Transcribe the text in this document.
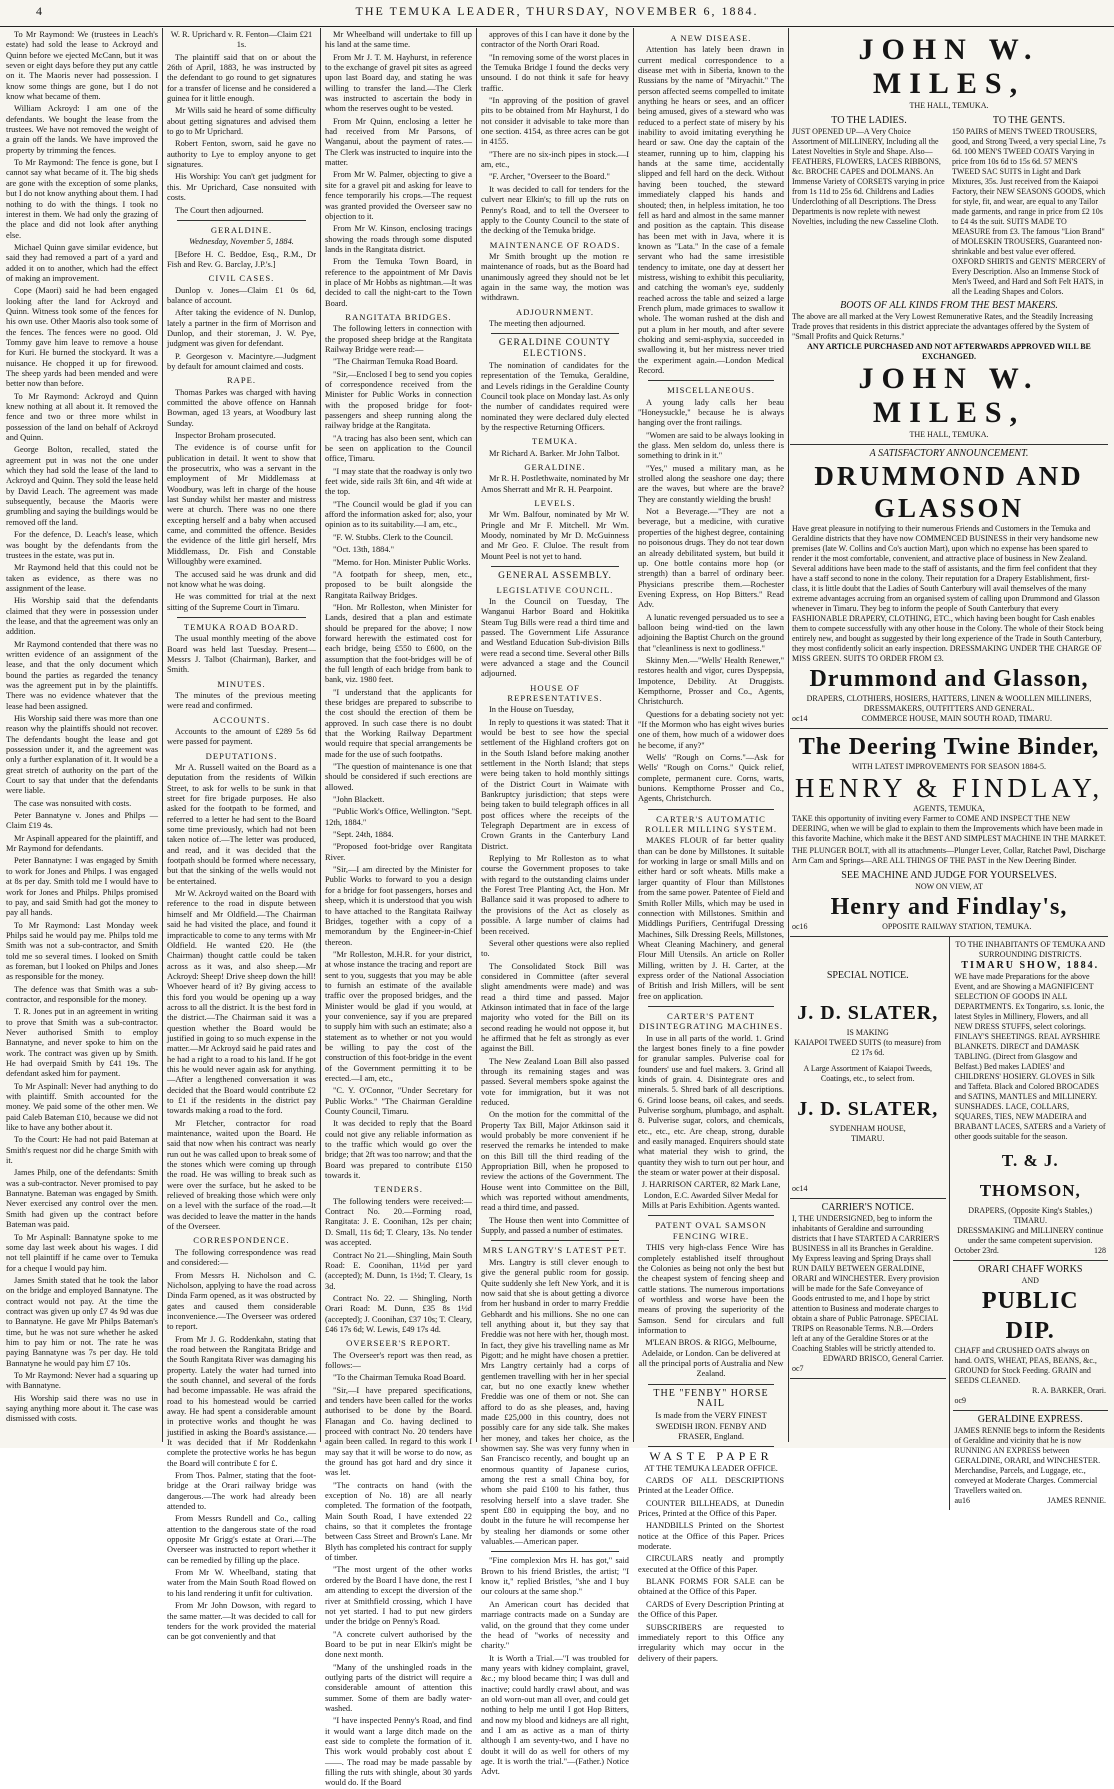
4	THE TEMUKA LEADER, THURSDAY, NOVEMBER 6, 1884.

To Mr Raymond: We (trustees in Leach's estate) had sold the lease to Ackroyd and Quinn before we ejected McCann, but it was seven or eight days before they put any cattle on it. The Maoris never had possession. I know some things are gone, but I do not know what became of them.

William Ackroyd: I am one of the defendants. We bought the lease from the trustees. We have not removed the weight of a grain off the lands. We have improved the property by trimming the fences.

To Mr Raymond: The fence is gone, but I cannot say what became of it. The big sheds are gone with the exception of some planks, but I do not know anything about them. I had nothing to do with the things. I took no interest in them. We had only the grazing of the place and did not look after anything else.

Michael Quinn gave similar evidence, but said they had removed a part of a yard and added it on to another, which had the effect of making an improvement.

Cope (Maori) said he had been engaged looking after the land for Ackroyd and Quinn. Witness took some of the fences for his own use. Other Maoris also took some of the fences. The fences were no good. Old Tommy gave him leave to remove a house for Kuri. He burned the stockyard. It was a nuisance. He chopped it up for firewood. The sheep yards had been mended and were better now than before.

To Mr Raymond: Ackroyd and Quinn knew nothing at all about it. It removed the fence and two or three more whilst in possession of the land on behalf of Ackroyd and Quinn.

George Bolton, recalled, stated the agreement put in was not the one under which they had sold the lease of the land to Ackroyd and Quinn. They sold the lease held by David Leach. The agreement was made subsequently, because the Maoris were grumbling and saying the buildings would be removed off the land.

For the defence, D. Leach's lease, which was bought by the defendants from the trustees in the estate, was put in.

Mr Raymond held that this could not be taken as evidence, as there was no assignment of the lease.

His Worship said that the defendants claimed that they were in possession under the lease, and that the agreement was only an addition.

Mr Raymond contended that there was no written evidence of an assignment of the lease, and that the only document which bound the parties as regarded the tenancy was the agreement put in by the plaintiffs. There was no evidence whatever that the lease had been assigned.

His Worship said there was more than one reason why the plaintiffs should not recover. The defendants bought the lease and got possession under it, and the agreement was only a further explanation of it. It would be a great stretch of authority on the part of the Court to say that under that the defendants were liable.

The case was nonsuited with costs.

Peter Bannatyne v. Jones and Philps —Claim £19 4s.

Mr Aspinall appeared for the plaintiff, and Mr Raymond for defendants.

Peter Bannatyne: I was engaged by Smith to work for Jones and Philps. I was engaged at 8s per day. Smith told me I would have to work for Jones and Philps. Philps promised to pay, and said Smith had got the money to pay all hands.

To Mr Raymond: Last Monday week Philps said he would pay me. Philps told me Smith was not a sub-contractor, and Smith told me so several times. I looked on Smith as foreman, but I looked on Philps and Jones as responsible for the money.

The defence was that Smith was a sub-contractor, and responsible for the money.

T. R. Jones put in an agreement in writing to prove that Smith was a sub-contractor. Never authorised Smith to employ Bannatyne, and never spoke to him on the work. The contract was given up by Smith. He had overpaid Smith by £41 19s. The defendant asked him for payment.

To Mr Aspinall: Never had anything to do with plaintiff. Smith accounted for the money. We paid some of the other men. We paid Caleb Bateman £10, because we did not like to have any bother about it.

To the Court: He had not paid Bateman at Smith's request nor did he charge Smith with it.

James Philp, one of the defendants: Smith was a sub-contractor. Never promised to pay Bannatyne. Bateman was engaged by Smith. Never exercised any control over the men. Smith had given up the contract before Bateman was paid.

To Mr Aspinall: Bannatyne spoke to me some day last week about his wages. I did not tell plaintiff if he came over to Temuka for a cheque I would pay him.

James Smith stated that he took the labor on the bridge and employed Bannatyne. The contract would not pay. At the time the contract was given up only £7 4s 9d was due to Bannatyne. He gave Mr Philps Bateman's time, but he was not sure whether he asked him to pay him or not. The rate he was paying Bannatyne was 7s per day. He told Bannatyne he would pay him £7 10s.

To Mr Raymond: Never had a squaring up with Bannatyne.

His Worship said there was no use in saying anything more about it. The case was dismissed with costs.

W. R. Uprichard v. R. Fenton—Claim £21 1s.

The plaintiff said that on or about the 26th of April, 1883, he was instructed by the defendant to go round to get signatures for a transfer of license and he considered a guinea for it little enough.

Mr Wills said he heard of some difficulty about getting signatures and advised them to go to Mr Uprichard.

Robert Fenton, sworn, said he gave no authority to Lye to employ anyone to get signatures.

His Worship: You can't get judgment for this. Mr Uprichard, Case nonsuited with costs.

The Court then adjourned.

GERALDINE.

Wednesday, November 5, 1884.

[Before H. C. Beddoe, Esq., R.M., Dr Fish and Rev. G. Barclay, J.P.'s.]

CIVIL CASES.

Dunlop v. Jones—Claim £1 0s 6d, balance of account.

After taking the evidence of N. Dunlop, lately a partner in the firm of Morrison and Dunlop, and their storeman, J. W. Pye, judgment was given for defendant.

P. Georgeson v. Macintyre.—Judgment by default for amount claimed and costs.

RAPE.

Thomas Parkes was charged with having committed the above offence on Hannah Bowman, aged 13 years, at Woodbury last Sunday.

Inspector Broham prosecuted.

The evidence is of course unfit for publication in detail. It went to show that the prosecutrix, who was a servant in the employment of Mr Middlemass at Woodbury, was left in charge of the house last Sunday whilst her master and mistress were at church. There was no one there excepting herself and a baby when accused came, and committed the offence. Besides the evidence of the little girl herself, Mrs Middlemass, Dr. Fish and Constable Willoughby were examined.

The accused said he was drunk and did not know what he was doing.

He was committed for trial at the next sitting of the Supreme Court in Timaru.

TEMUKA ROAD BOARD.

The usual monthly meeting of the above Board was held last Tuesday. Present—Messrs J. Talbot (Chairman), Barker, and Smith.

MINUTES.

The minutes of the previous meeting were read and confirmed.

ACCOUNTS.

Accounts to the amount of £289 5s 6d were passed for payment.

DEPUTATIONS.

Mr A. Russell waited on the Board as a deputation from the residents of Wilkin Street, to ask for wells to be sunk in that street for fire brigade purposes. He also asked for the footpath to be formed, and referred to a letter he had sent to the Board some time previously, which had not been taken notice of.—The letter was produced, and read, and it was decided that the footpath should be formed where necessary, but that the sinking of the wells would not be entertained.

Mr W. Ackroyd waited on the Board with reference to the road in dispute between himself and Mr Oldfield.—The Chairman said he had visited the place, and found it impracticable to come to any terms with Mr Oldfield. He wanted £20. He (the Chairman) thought cattle could be taken across as it was, and also sheep.—Mr Ackroyd: Sheep! Drive sheep down the hill! Whoever heard of it? By giving access to this ford you would be opening up a way across to all the district. It is the best ford in the district.—The Chairman said it was a question whether the Board would be justified in going to so much expense in the matter.—Mr Ackroyd said he paid rates and he had a right to a road to his land. If he got this he would never again ask for anything.—After a lengthened conversation it was decided that the Board would contribute £2 to £1 if the residents in the district pay towards making a road to the ford.

Mr Fletcher, contractor for road maintenance, waited upon the Board. He said that now when his contract was nearly run out he was called upon to break some of the stones which were coming up through the road. He was willing to break such as were over the surface, but he asked to be relieved of breaking those which were only on a level with the surface of the road.—It was decided to leave the matter in the hands of the Overseer.

CORRESPONDENCE.

The following correspondence was read and considered:—

From Messrs H. Nicholson and C. Nicholson, applying to have the road across Dinda Farm opened, as it was obstructed by gates and caused them considerable inconvenience.—The Overseer was ordered to report.

From Mr J. G. Roddenkahn, stating that the road between the Rangitata Bridge and the South Rangitata River was damaging his property. Lately the water had turned into the south channel, and several of the fords had become impassable. He was afraid the road to his homestead would be carried away. He had spent a considerable amount in protective works and thought he was justified in asking the Board's assistance.—It was decided that if Mr Roddenkahn complete the protective works he has begun the Board will contribute £ for £.

From Thos. Palmer, stating that the foot-bridge at the Orari railway bridge was dangerous.—The work had already been attended to.

From Messrs Rundell and Co., calling attention to the dangerous state of the road opposite Mr Grigg's estate at Orari.—The Overseer was instructed to report whether it can be remedied by filling up the place.

From Mr W. Wheelband, stating that water from the Main South Road flowed on to his land rendering it unfit for cultivation.

From Mr John Dowson, with regard to the same matter.—It was decided to call for tenders for the work provided the material can be got conveniently and that

Mr Wheelband will undertake to fill up his land at the same time.

From Mr J. T. M. Hayhurst, in reference to the exchange of gravel pit sites as agreed upon last Board day, and stating he was willing to transfer the land.—The Clerk was instructed to ascertain the body in whom the reserves ought to be vested.

From Mr Quinn, enclosing a letter he had received from Mr Parsons, of Wanganui, about the payment of rates.—The Clerk was instructed to inquire into the matter.

From Mr W. Palmer, objecting to give a site for a gravel pit and asking for leave to fence temporarily his crops.—The request was granted provided the Overseer saw no objection to it.

From Mr W. Kinson, enclosing tracings showing the roads through some disputed lands in the Rangitata district.

From the Temuka Town Board, in reference to the appointment of Mr Davis in place of Mr Hobbs as nightman.—It was decided to call the night-cart to the Town Board.

RANGITATA BRIDGES.

The following letters in connection with the proposed sheep bridge at the Rangitata Railway Bridge were read:—

"The Chairman Temuka Road Board.

"Sir,—Enclosed I beg to send you copies of correspondence received from the Minister for Public Works in connection with the proposed bridge for foot-passengers and sheep running along the railway bridge at the Rangitata.

"A tracing has also been sent, which can be seen on application to the Council office, Timaru.

"I may state that the roadway is only two feet wide, side rails 3ft 6in, and 4ft wide at the top.

"The Council would be glad if you can afford the information asked for; also, your opinion as to its suitability.—I am, etc.,

"F. W. Stubbs. Clerk to the Council.

"Oct. 13th, 1884."

"Memo. for Hon. Minister Public Works.

"A footpath for sheep, men, etc., proposed to be built alongside the Rangitata Railway Bridges.

"Hon. Mr Rolleston, when Minister for Lands, desired that a plan and estimate should be prepared for the above; I now forward herewith the estimated cost for each bridge, being £550 to £600, on the assumption that the foot-bridges will be of the full length of each bridge from bank to bank, viz. 1980 feet.

"I understand that the applicants for these bridges are prepared to subscribe to the cost should the erection of them be approved. In such case there is no doubt that the Working Railway Department would require that special arrangements be made for the use of such footpaths.

"The question of maintenance is one that should be considered if such erections are allowed.

"John Blackett.

"Public Work's Office, Wellington. "Sept. 12th, 1884."

"Sept. 24th, 1884.

"Proposed foot-bridge over Rangitata River.

"Sir,—I am directed by the Minister for Public Works to forward to you a design for a bridge for foot passengers, horses and sheep, which it is understood that you wish to have attached to the Rangitata Railway Bridges, together with a copy of a memorandum by the Engineer-in-Chief thereon.

"Mr Rolleston, M.H.R. for your district, at whose instance the tracing and report are sent to you, suggests that you may be able to furnish an estimate of the available traffic over the proposed bridges, and the Minister would be glad if you would, at your convenience, say if you are prepared to supply him with such an estimate; also a statement as to whether or not you would be willing to pay the cost of the construction of this foot-bridge in the event of the Government permitting it to be erected.—I am, etc.,

"C. Y. O'Connor, "Under Secretary for Public Works." "The Chairman Geraldine County Council, Timaru.

It was decided to reply that the Board could not give any reliable information as to the traffic which would go over the bridge; that 2ft was too narrow; and that the Board was prepared to contribute £150 towards it.

TENDERS.

The following tenders were received:—Contract No. 20.—Forming road, Rangitata: J. E. Coonihan, 12s per chain; D. Small, 11s 6d; T. Cleary, 13s. No tender was accepted.

Contract No 21.—Shingling, Main South Road: E. Coonihan, 11½d per yard (accepted); M. Dunn, 1s 1½d; T. Cleary, 1s 3d.

Contract No. 22. — Shingling, North Orari Road: M. Dunn, £35 8s 1½d (accepted); J. Coonihan, £37 10s; T. Cleary, £46 17s 6d; W. Lewis, £49 17s 4d.

OVERSEER'S REPORT.

The Overseer's report was then read, as follows:—

"To the Chairman Temuka Road Board.

"Sir,—I have prepared specifications, and tenders have been called for the works authorised to be done by the Board. Flanagan and Co. having declined to proceed with contract No. 20 tenders have again been called. In regard to this work I may say that it will be worse to do now, as the ground has got hard and dry since it was let.

"The contracts on hand (with the exception of No. 18) are all nearly completed. The formation of the footpath, Main South Road, I have extended 22 chains, so that it completes the frontage between Cass Street and Brown's Lane. Mr Blyth has completed his contract for supply of timber.

"The most urgent of the other works ordered by the Board I have done, the rest I am attending to except the diversion of the river at Smithfield crossing, which I have not yet started. I had to put new girders under the bridge on Penny's Road.

"A concrete culvert authorised by the Board to be put in near Elkin's might be done next month.

"Many of the unshingled roads in the outlying parts of the district will require a considerable amount of attention this summer. Some of them are badly water-washed.

"I have inspected Penny's Road, and find it would want a large ditch made on the east side to complete the formation of it. This work would probably cost about £——. The road may be made passable by filling the ruts with shingle, about 30 yards would do. If the Board

approves of this I can have it done by the contractor of the North Orari Road.

"In removing some of the worst places in the Temuka Bridge I found the decks very unsound. I do not think it safe for heavy traffic.

"In approving of the position of gravel pits to be obtained from Mr Hayhurst, I do not consider it advisable to take more than one section. 4154, as three acres can be got in 4155.

"There are no six-inch pipes in stock.—I am, etc.,

"F. Archer, "Overseer to the Board."

It was decided to call for tenders for the culvert near Elkin's; to fill up the ruts on Penny's Road, and to tell the Overseer to apply to the County Council to the state of the decking of the Temuka bridge.

MAINTENANCE OF ROADS.

Mr Smith brought up the motion re maintenance of roads, but as the Board had unanimously agreed they should not be let again in the same way, the motion was withdrawn.

ADJOURNMENT.

The meeting then adjourned.

GERALDINE COUNTY ELECTIONS.

The nomination of candidates for the representation of the Temuka, Geraldine, and Levels ridings in the Geraldine County Council took place on Monday last. As only the number of candidates required were nominated they were declared duly elected by the respective Returning Officers.

TEMUKA.

Mr Richard A. Barker. Mr John Talbot.

GERALDINE.

Mr R. H. Postlethwaite, nominated by Mr Amos Sherratt and Mr R. H. Pearpoint.

LEVELS.

Mr Wm. Balfour, nominated by Mr W. Pringle and Mr F. Mitchell. Mr Wm. Moody, nominated by Mr D. McGuinness and Mr Geo. F. Cluloe. The result from Mount Peel is not yet to hand.

GENERAL ASSEMBLY.
LEGISLATIVE COUNCIL.

In the Council on Tuesday, The Wanganui Harbor Board and Hokitika Steam Tug Bills were read a third time and passed. The Government Life Assurance and Westland Education Sub-division Bills were read a second time. Several other Bills were advanced a stage and the Council adjourned.

HOUSE OF REPRESENTATIVES.

In the House on Tuesday,

In reply to questions it was stated: That it would be best to see how the special settlement of the Highland crofters got on in the South Island before making another settlement in the North Island; that steps were being taken to hold monthly sittings of the District Court in Waimate with Bankruptcy jurisdiction; that steps were being taken to build telegraph offices in all post offices where the receipts of the Telegraph Department are in excess of Crown Grants in the Canterbury Land District.

Replying to Mr Rolleston as to what course the Government proposes to take with regard to the outstanding claims under the Forest Tree Planting Act, the Hon. Mr Ballance said it was proposed to adhere to the provisions of the Act as closely as possible. A large number of claims had been received.

Several other questions were also replied to.

The Consolidated Stock Bill was considered in Committee (after several slight amendments were made) and was read a third time and passed. Major Atkinson intimated that in face of the large majority who voted for the Bill on its second reading he would not oppose it, but he affirmed that he felt as strongly as ever against the Bill.

The New Zealand Loan Bill also passed through its remaining stages and was passed. Several members spoke against the vote for immigration, but it was not reduced.

On the motion for the committal of the Property Tax Bill, Major Atkinson said it would probably be more convenient if he reserved the remarks he intended to make on this Bill till the third reading of the Appropriation Bill, when he proposed to review the actions of the Government. The House went into Committee on the Bill, which was reported without amendments, read a third time, and passed.

The House then went into Committee of Supply, and passed a number of estimates.

MRS LANGTRY'S LATEST PET.

Mrs. Langtry is still clever enough to give the general public room for gossip. Quite suddenly she left New York, and it is now said that she is about getting a divorce from her husband in order to marry Freddie Gebhardt and his millions. She no one can tell anything about it, but they say that Freddie was not here with her, though most. In fact, they give his travelling name as Mr Pigott; and he might have chosen a prettier. Mrs Langtry certainly had a corps of gentlemen travelling with her in her special car, but no one exactly knew whether Freddie was one of them or not. She can afford to do as she pleases, and, having made £25,000 in this country, does not possibly care for any side talk. She makes her money, and takes her choice, as the showmen say. She was very funny when in San Francisco recently, and bought up an enormous quantity of Japanese curios, among the rest a small China boy, for whom she paid £100 to his father, thus resolving herself into a slave trader. She spent £80 in equipping the boy, and no doubt in the future he will recompense her by stealing her diamonds or some other valuables.—American paper.

"Fine complexion Mrs H. has got," said Brown to his friend Bristles, the artist; "I know it," replied Bristles, "she and I buy our colours at the same shop."

An American court has decided that marriage contracts made on a Sunday are valid, on the ground that they come under the head of "works of necessity and charity."

It is Worth a Trial.—"I was troubled for many years with kidney complaint, gravel, &c.; my blood became thin; I was dull and inactive; could hardly crawl about, and was an old worn-out man all over, and could get nothing to help me until I got Hop Bitters, and now my blood and kidneys are all right, and I am as active as a man of thirty although I am seventy-two, and I have no doubt it will do as well for others of my age. It is worth the trial."—(Father.) Notice Advt.

A NEW DISEASE.

Attention has lately been drawn in current medical correspondence to a disease met with in Siberia, known to the Russians by the name of "Miryachit." The person affected seems compelled to imitate anything he hears or sees, and an officer being amused, gives of a steward who was reduced to a perfect state of misery by his inability to avoid imitating everything he heard or saw. One day the captain of the steamer, running up to him, clapping his hands at the same time, accidentally slipped and fell hard on the deck. Without having been touched, the steward immediately clapped his hands and shouted; then, in helpless imitation, he too fell as hard and almost in the same manner and position as the captain. This disease has been met with in Java, where it is known as "Lata." In the case of a female servant who had the same irresistible tendency to imitate, one day at dessert her mistress, wishing to exhibit this peculiarity, and catching the woman's eye, suddenly reached across the table and seized a large French plum, made grimaces to swallow it whole. The woman rushed at the dish and put a plum in her mouth, and after severe choking and semi-asphyxia, succeeded in swallowing it, but her mistress never tried the experiment again.—London Medical Record.

MISCELLANEOUS.

A young lady calls her beau "Honeysuckle," because he is always hanging over the front railings.

"Women are said to be always looking in the glass. Men seldom do, unless there is something to drink in it."

"Yes," mused a military man, as he strolled along the seashore one day; there are the waves, but where are the brave? They are constantly wielding the brush!

Not a Beverage.—"They are not a beverage, but a medicine, with curative properties of the highest degree, containing no poisonous drugs. They do not tear down an already debilitated system, but build it up. One bottle contains more hop (or strength) than a barrel of ordinary beer. Physicians prescribe them.—Rochester Evening Express, on Hop Bitters." Read Adv.

A lunatic revenged persuaded us to see a balloon being wind-tied on the lawn adjoining the Baptist Church on the ground that "cleanliness is next to godliness."

Skinny Men.—"Wells' Health Renewer," restores health and vigor, cures Dyspepsia, Impotence, Debility. At Druggists. Kempthorne, Prosser and Co., Agents, Christchurch.

Questions for a debating society not yet: "If the Mormon who has eight wives buries one of them, how much of a widower does he become, if any?"

Wells' "Rough on Corns."—Ask for Wells' "Rough on Corns." Quick relief, complete, permanent cure. Corns, warts, bunions. Kempthorne Prosser and Co., Agents, Christchurch.

CARTER'S AUTOMATIC ROLLER MILLING SYSTEM.

MAKES FLOUR of far better quality than can be done by Millstones. It suitable for working in large or small Mills and on either hard or soft wheats. Mills make a larger quantity of Flour than Millstones from the same power. Patentee of Field and Smith Roller Mills, which may be used in connection with Millstones. Smithin and Middlings Purifiers, Centrifugal Dressing Machines, Silk Dressing Reels, Millstones, Wheat Cleaning Machinery, and general Flour Mill Utensils. An article on Roller Milling, written by J. H. Carter, at the express order of the National Association of British and Irish Millers, will be sent free on application.

CARTER'S PATENT DISINTEGRATING MACHINES.

In use in all parts of the world. 1. Grind the largest bones finely to a fine powder for granular samples. Pulverise coal for founders' use and fuel makers. 3. Grind all kinds of grain. 4. Disintegrate ores and minerals. 5. Shred bark of all descriptions. 6. Grind loose beans, oil cakes, and seeds. Pulverise sorghum, plumbago, and asphalt. 8. Pulverise sugar, colors, and chemicals, etc., etc., etc. Are cheap, strong, durable and easily managed. Enquirers should state what material they wish to grind, the quantity they wish to turn out per hour, and the steam or water power at their disposal.

J. HARRISON CARTER, 82 Mark Lane, London, E.C. Awarded Silver Medal for Mills at Paris Exhibition. Agents wanted.

PATENT OVAL SAMSON FENCING WIRE.

THIS very high-class Fence Wire has completely established itself throughout the Colonies as being not only the best but the cheapest system of fencing sheep and cattle stations. The numerous importations of worthless and worse have been the means of proving the superiority of the Samson. Send for circulars and full information to

M'LEAN BROS. & RIGG, Melbourne, Adelaide, or London. Can be delivered at all the principal ports of Australia and New Zealand.

THE "FENBY" HORSE NAIL

Is made from the VERY FINEST SWEDISH IRON. FENBY AND FRASER, England.

WASTE PAPER

AT THE TEMUKA LEADER OFFICE.

CARDS OF ALL DESCRIPTIONS Printed at the Leader Office.

COUNTER BILLHEADS, at Dunedin Prices, Printed at the Office of this Paper.

HANDBILLS Printed on the Shortest notice at the Office of this Paper. Prices moderate.

CIRCULARS neatly and promptly executed at the Office of this Paper.

BLANK FORMS FOR SALE can be obtained at the Office of this Paper.

CARDS of Every Description Printing at the Office of this Paper.

SUBSCRIBERS are requested to immediately report to this Office any irregularity which may occur in the delivery of their papers.

JOHN W. MILES,
THE HALL, TEMUKA.
TO THE LADIES.
JUST OPENED UP—A Very Choice Assortment of MILLINERY, Including all the Latest Novelties in Style and Shape. Also—FEATHERS, FLOWERS, LACES RIBBONS, &c. BROCHE CAPES and DOLMANS. An Immense Variety of CORSETS varying in price from 1s 11d to 25s 6d. Childrens and Ladies Underclothing of all Descriptions. The Dress Departments is now replete with newest Novelties, including the new Casseline Cloth.
TO THE GENTS.
150 PAIRS of MEN'S TWEED TROUSERS, good, and Strong Tweed, a very special Line, 7s 6d. 100 MEN'S TWEED COATS Varying in price from 10s 6d to 15s 6d. 57 MEN'S TWEED SAC SUITS in Light and Dark Mixtures, 35s. Just received from the Kaiapoi Factory, their NEW SEASONS GOODS, which for style, fit, and wear, are equal to any Tailor made garments, and range in price from £2 10s to £4 4s the suit. SUITS MADE TO MEASURE from £3. The famous "Lion Brand" of MOLESKIN TROUSERS, Guaranteed non-shrinkable and best value ever offered. OXFORD SHIRTS and GENTS' MERCERY of Every Description. Also an Immense Stock of Men's Tweed, and Hard and Soft Felt HATS, in all the Leading Shapes and Colors.
BOOTS OF ALL KINDS FROM THE BEST MAKERS.
The above are all marked at the Very Lowest Remunerative Rates, and the Steadily Increasing Trade proves that residents in this district appreciate the advantages offered by the System of "Small Profits and Quick Returns."
ANY ARTICLE PURCHASED AND NOT AFTERWARDS APPROVED WILL BE EXCHANGED.
JOHN W. MILES,
THE HALL, TEMUKA.
A SATISFACTORY ANNOUNCEMENT.
DRUMMOND AND GLASSON
Have great pleasure in notifying to their numerous Friends and Customers in the Temuka and Geraldine districts that they have now COMMENCED BUSINESS in their very handsome new premises (late W. Collins and Co's auction Mart), upon which no expense has been spared to render it the most comfortable, convenient, and attractive place of business in New Zealand. Several additions have been made to the staff of assistants, and the firm feel confident that they have a staff second to none in the colony. Their reputation for a Drapery Establishment, first-class, it is little doubt that the Ladies of South Canterbury will avail themselves of the many extreme advantages accruing from an organised system of calling upon Drummond and Glasson whenever in Timaru. They beg to inform the people of South Canterbury that every FASHIONABLE DRAPERY, CLOTHING, ETC., which having been bought for Cash enables them to compete successfully with any other house in the Colony. The whole of their Stock being entirely new, and bought as suggested by their long experience of the Trade in South Canterbury, they most confidently solicit an early inspection. DRESSMAKING UNDER THE CHARGE OF MISS GREEN. SUITS TO ORDER FROM £3.
Drummond and Glasson,
DRAPERS, CLOTHIERS, HOSIERS, HATTERS, LINEN & WOOLLEN MILLINERS, DRESSMAKERS, OUTFITTERS AND GENERAL.
oc14	COMMERCE HOUSE, MAIN SOUTH ROAD, TIMARU.
The Deering Twine Binder,
WITH LATEST IMPROVEMENTS FOR SEASON 1884-5.
HENRY & FINDLAY,
AGENTS, TEMUKA,
TAKE this opportunity of inviting every Farmer to COME AND INSPECT THE NEW DEERING, when we will be glad to explain to them the Improvements which have been made in this favorite Machine, which make it the BEST AND SIMPLEST MACHINE IN THE MARKET.
THE PLUNGER BOLT, with all its attachments—Plunger Lever, Collar, Ratchet Pawl, Discharge Arm Cam and Springs—ARE ALL THINGS OF THE PAST in the New Deering Binder.
SEE MACHINE AND JUDGE FOR YOURSELVES.
NOW ON VIEW, AT
Henry and Findlay's,
oc16	OPPOSITE RAILWAY STATION, TEMUKA.
SPECIAL NOTICE.
J. D. SLATER,
IS MAKING
KAIAPOI TWEED SUITS (to measure) from £2 17s 6d.
A Large Assortment of Kaiapoi Tweeds, Coatings, etc., to select from.
J. D. SLATER,
SYDENHAM HOUSE,
TIMARU.
oc14
CARRIER'S NOTICE.
I, THE UNDERSIGNED, beg to inform the inhabitants of Geraldine and surrounding districts that I have STARTED A CARRIER'S BUSINESS in all its Branches in Geraldine. My Express leaving and Spring Drays shall RUN DAILY BETWEEN GERALDINE, ORARI and WINCHESTER. Every provision will be made for the Safe Conveyance of Goods entrusted to me, and I hope by strict attention to Business and moderate charges to obtain a share of Public Patronage. SPECIAL TRIPS on Reasonable Terms. N.B.—Orders left at any of the Geraldine Stores or at the Coaching Stables will be strictly attended to.
EDWARD BRISCO, General Carrier.
oc7
TO THE INHABITANTS OF TEMUKA AND SURROUNDING DISTRICTS.
TIMARU SHOW, 1884.
WE have made Preparations for the above Event, and are Showing a MAGNIFICENT SELECTION OF GOODS IN ALL DEPARTMENTS. Ex Tongariro, s.s. Ionic, the latest Styles in Millinery, Flowers, and all NEW DRESS STUFFS, select colorings. FINLAY'S SHEETINGS. REAL AYRSHIRE BLANKETS. DIRECT and DAMASK TABLING. (Direct from Glasgow and Belfast.) Bed makes LADIES' and CHILDRENS' HOSIERY. GLOVES in Silk and Taffeta. Black and Colored BROCADES and SATINS, MANTLES and MILLINERY. SUNSHADES. LACE, COLLARS, SQUARES, TIES, NEW MADEIRA and BRABANT LACES, SATERS and a Variety of other goods suitable for the season.
T. & J. THOMSON,
DRAPERS, (Opposite King's Stables,) TIMARU.
DRESSMAKING and MILLINERY continue under the same competent supervision.
October 23rd.	128

ORARI CHAFF WORKS
AND
PUBLIC DIP.
CHAFF and CRUSHED OATS always on hand. OATS, WHEAT, PEAS, BEANS, &c., GROUND for Stock Feeding. GRAIN and SEEDS CLEANED.
R. A. BARKER, Orari.
oc9
GERALDINE EXPRESS.
JAMES RENNIE begs to inform the Residents of Geraldine and vicinity that he is now RUNNING AN EXPRESS between GERALDINE, ORARI, and WINCHESTER. Merchandise, Parcels, and Luggage, etc., conveyed at Moderate Charges. Commercial Travellers waited on.
au16	JAMES RENNIE.
